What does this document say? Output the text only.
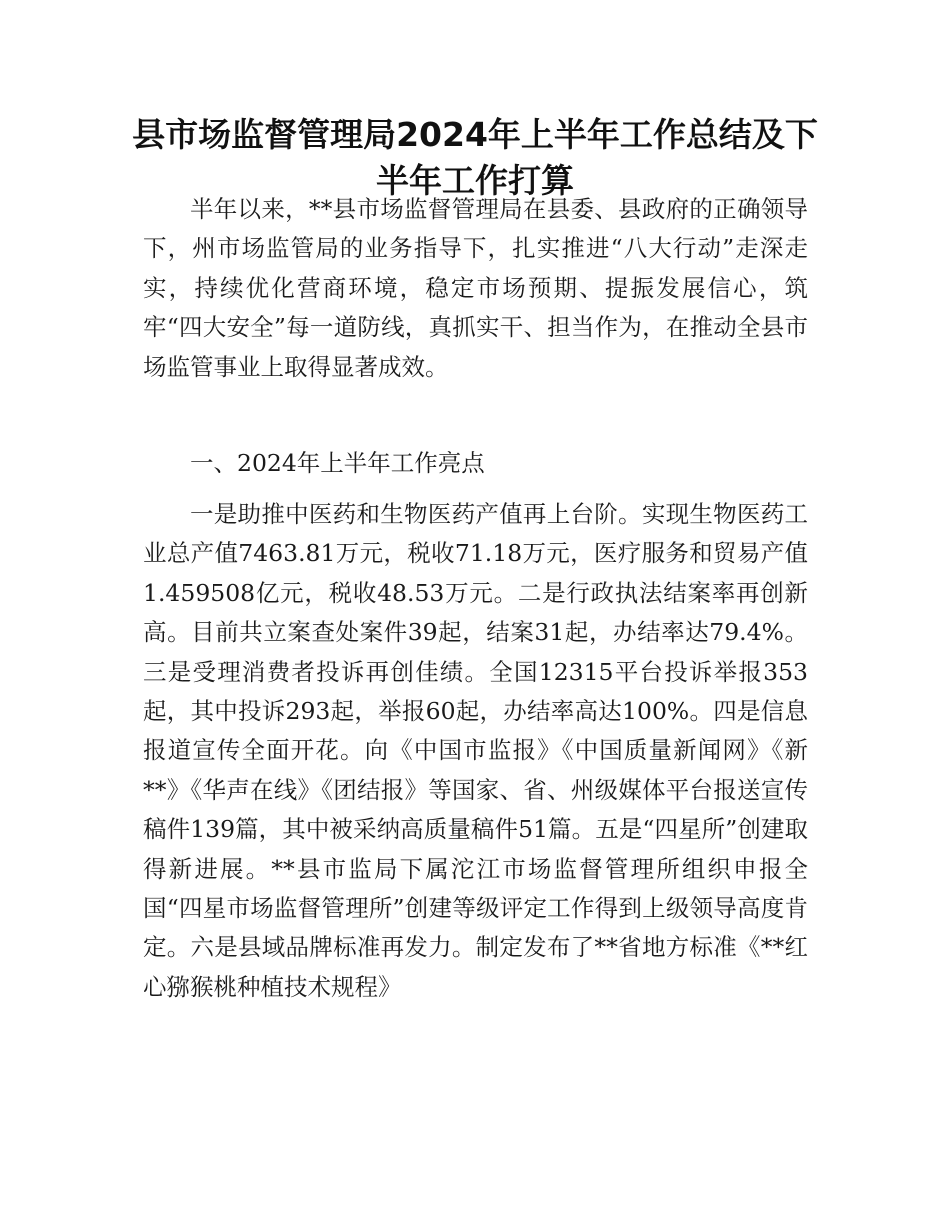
县市场监督管理局2024年上半年工作总结及下半年工作打算

半年以来，**县市场监督管理局在县委、县政府的正确领导下，州市场监管局的业务指导下，扎实推进“八大行动”走深走实，持续优化营商环境，稳定市场预期、提振发展信心，筑牢“四大安全”每一道防线，真抓实干、担当作为，在推动全县市场监管事业上取得显著成效。

一、2024年上半年工作亮点

一是助推中医药和生物医药产值再上台阶。实现生物医药工业总产值7463.81万元，税收71.18万元，医疗服务和贸易产值1.459508亿元，税收48.53万元。二是行政执法结案率再创新高。目前共立案查处案件39起，结案31起，办结率达79.4%。三是受理消费者投诉再创佳绩。全国12315平台投诉举报353起，其中投诉293起，举报60起，办结率高达100%。四是信息报道宣传全面开花。向《中国市监报》《中国质量新闻网》《新**》《华声在线》《团结报》等国家、省、州级媒体平台报送宣传稿件139篇，其中被采纳高质量稿件51篇。五是“四星所”创建取得新进展。**县市监局下属沱江市场监督管理所组织申报全国“四星市场监督管理所”创建等级评定工作得到上级领导高度肯定。六是县域品牌标准再发力。制定发布了**省地方标准《**红心猕猴桃种植技术规程》
